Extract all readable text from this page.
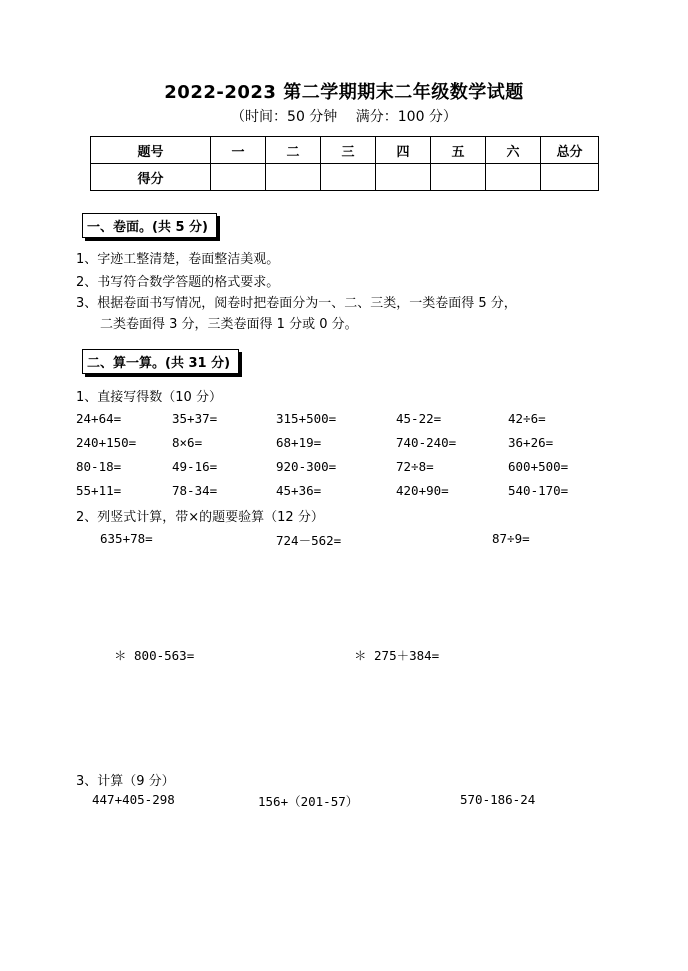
2022-2023 第二学期期末二年级数学试题
（时间：50 分钟　 满分：100 分）
题号	一	二	三	四	五	六	总分
得分							
一、卷面。(共 5 分)
1、字迹工整清楚，卷面整洁美观。
2、书写符合数学答题的格式要求。
3、根据卷面书写情况，阅卷时把卷面分为一、二、三类，一类卷面得 5 分，
二类卷面得 3 分，三类卷面得 1 分或 0 分。
二、算一算。(共 31 分)
1、直接写得数（10 分）
24+64=	35+37=	315+500=	45-22=	42÷6=
240+150=	8×6=	68+19=	740-240=	36+26=
80-18=	49-16=	920-300=	72÷8=	600+500=
55+11=	78-34=	45+36=	420+90=	540-170=
2、列竖式计算，带×的题要验算（12 分）
635+78=	724－562=	87÷9=
＊ 800-563=	＊ 275＋384=
3、计算（9 分）
447+405-298	156+（201-57）	570-186-24
